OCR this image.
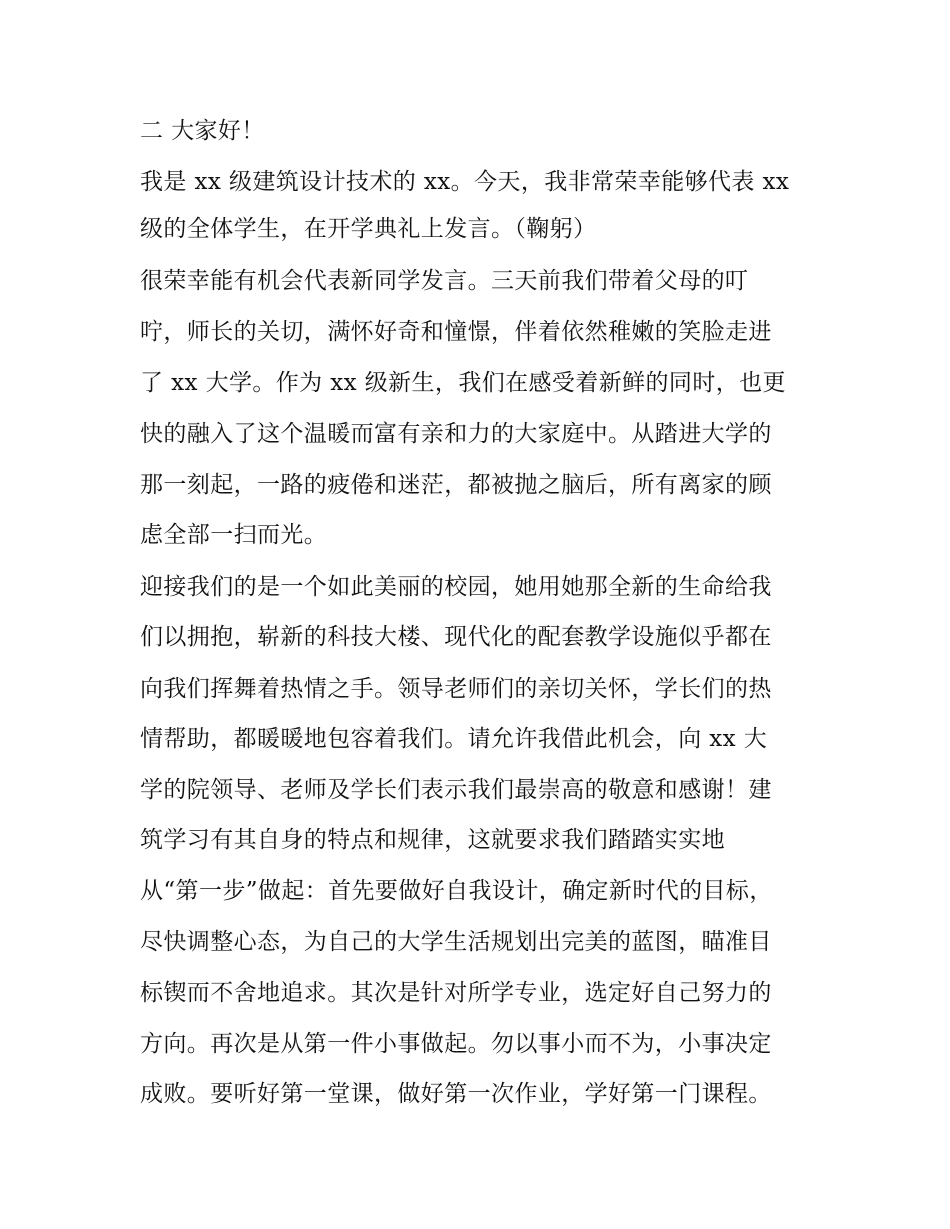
二 大家好！
我是 xx 级建筑设计技术的 xx。今天，我非常荣幸能够代表 xx
级的全体学生，在开学典礼上发言。（鞠躬）
很荣幸能有机会代表新同学发言。三天前我们带着父母的叮
咛，师长的关切，满怀好奇和憧憬，伴着依然稚嫩的笑脸走进
了 xx 大学。作为 xx 级新生，我们在感受着新鲜的同时，也更
快的融入了这个温暖而富有亲和力的大家庭中。从踏进大学的
那一刻起，一路的疲倦和迷茫，都被抛之脑后，所有离家的顾
虑全部一扫而光。
迎接我们的是一个如此美丽的校园，她用她那全新的生命给我
们以拥抱，崭新的科技大楼、现代化的配套教学设施似乎都在
向我们挥舞着热情之手。领导老师们的亲切关怀，学长们的热
情帮助，都暖暖地包容着我们。请允许我借此机会，向 xx 大
学的院领导、老师及学长们表示我们最崇高的敬意和感谢！建
筑学习有其自身的特点和规律，这就要求我们踏踏实实地
从“第一步”做起：首先要做好自我设计，确定新时代的目标，
尽快调整心态，为自己的大学生活规划出完美的蓝图，瞄准目
标锲而不舍地追求。其次是针对所学专业，选定好自己努力的
方向。再次是从第一件小事做起。勿以事小而不为，小事决定
成败。要听好第一堂课，做好第一次作业，学好第一门课程。
